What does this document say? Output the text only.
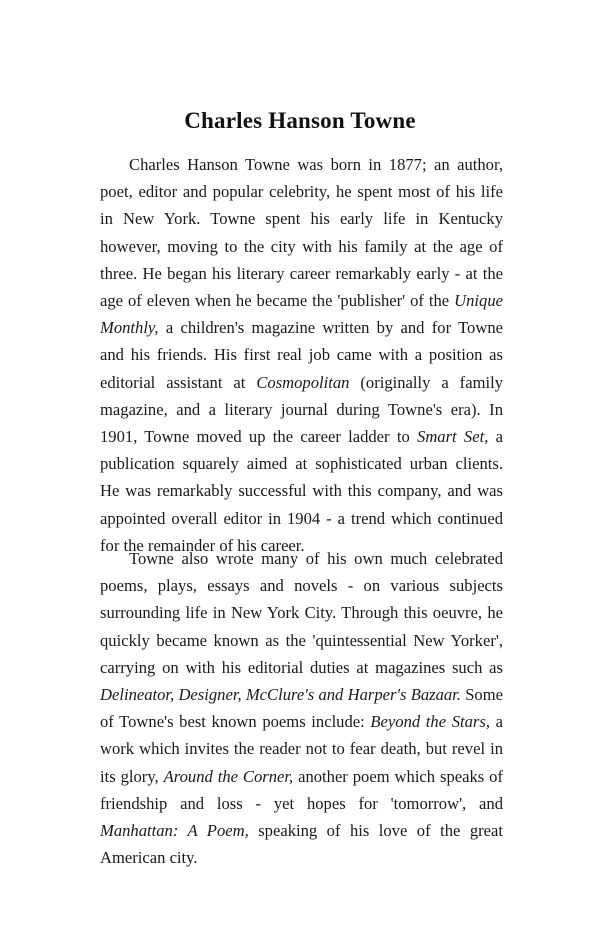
Charles Hanson Towne

Charles Hanson Towne was born in 1877; an author, poet, editor and popular celebrity, he spent most of his life in New York. Towne spent his early life in Kentucky however, moving to the city with his family at the age of three. He began his literary career remarkably early - at the age of eleven when he became the 'publisher' of the Unique Monthly, a children's magazine written by and for Towne and his friends. His first real job came with a position as editorial assistant at Cosmopolitan (originally a family magazine, and a literary journal during Towne's era). In 1901, Towne moved up the career ladder to Smart Set, a publication squarely aimed at sophisticated urban clients. He was remarkably successful with this company, and was appointed overall editor in 1904 - a trend which continued for the remainder of his career.

Towne also wrote many of his own much celebrated poems, plays, essays and novels - on various subjects surrounding life in New York City. Through this oeuvre, he quickly became known as the 'quintessential New Yorker', carrying on with his editorial duties at magazines such as Delineator, Designer, McClure's and Harper's Bazaar. Some of Towne's best known poems include: Beyond the Stars, a work which invites the reader not to fear death, but revel in its glory, Around the Corner, another poem which speaks of friendship and loss - yet hopes for 'tomorrow', and Manhattan: A Poem, speaking of his love of the great American city.
